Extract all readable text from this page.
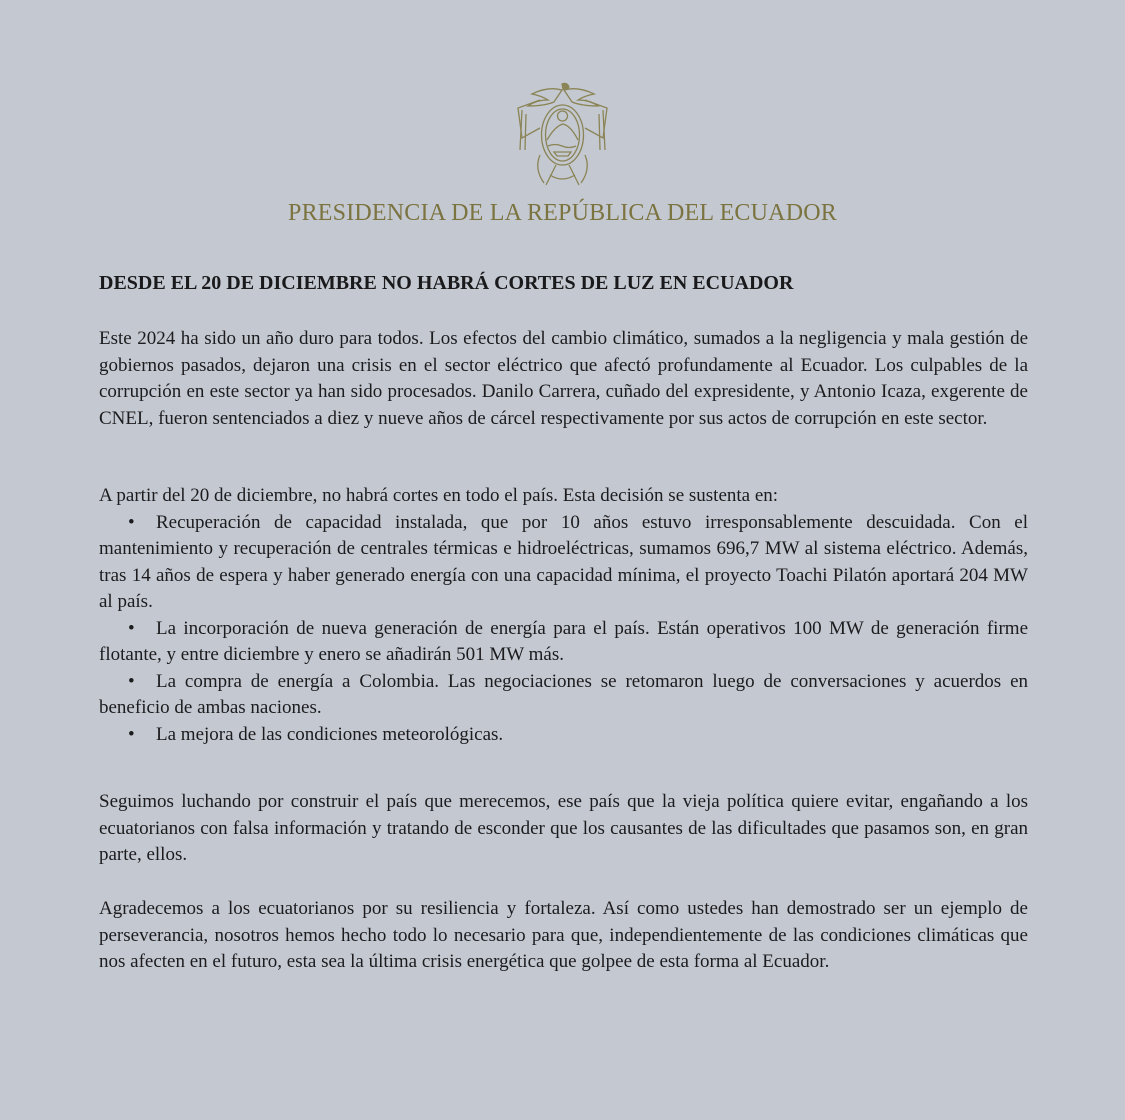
PRESIDENCIA DE LA REPÚBLICA DEL ECUADOR
DESDE EL 20 DE DICIEMBRE NO HABRÁ CORTES DE LUZ EN ECUADOR

Este 2024 ha sido un año duro para todos. Los efectos del cambio climático, sumados a la negligencia y mala gestión de gobiernos pasados, dejaron una crisis en el sector eléctrico que afectó profundamente al Ecuador. Los culpables de la corrupción en este sector ya han sido procesados. Danilo Carrera, cuñado del expresidente, y Antonio Icaza, exgerente de CNEL, fueron sentenciados a diez y nueve años de cárcel respectivamente por sus actos de corrupción en este sector.

A partir del 20 de diciembre, no habrá cortes en todo el país. Esta decisión se sustenta en:

• Recuperación de capacidad instalada, que por 10 años estuvo irresponsablemente descuidada. Con el mantenimiento y recuperación de centrales térmicas e hidroeléctricas, sumamos 696,7 MW al sistema eléctrico. Además, tras 14 años de espera y haber generado energía con una capacidad mínima, el proyecto Toachi Pilatón aportará 204 MW al país.
• La incorporación de nueva generación de energía para el país. Están operativos 100 MW de generación firme flotante, y entre diciembre y enero se añadirán 501 MW más.
• La compra de energía a Colombia. Las negociaciones se retomaron luego de conversaciones y acuerdos en beneficio de ambas naciones.
• La mejora de las condiciones meteorológicas.

Seguimos luchando por construir el país que merecemos, ese país que la vieja política quiere evitar, engañando a los ecuatorianos con falsa información y tratando de esconder que los causantes de las dificultades que pasamos son, en gran parte, ellos.

Agradecemos a los ecuatorianos por su resiliencia y fortaleza. Así como ustedes han demostrado ser un ejemplo de perseverancia, nosotros hemos hecho todo lo necesario para que, independientemente de las condiciones climáticas que nos afecten en el futuro, esta sea la última crisis energética que golpee de esta forma al Ecuador.
